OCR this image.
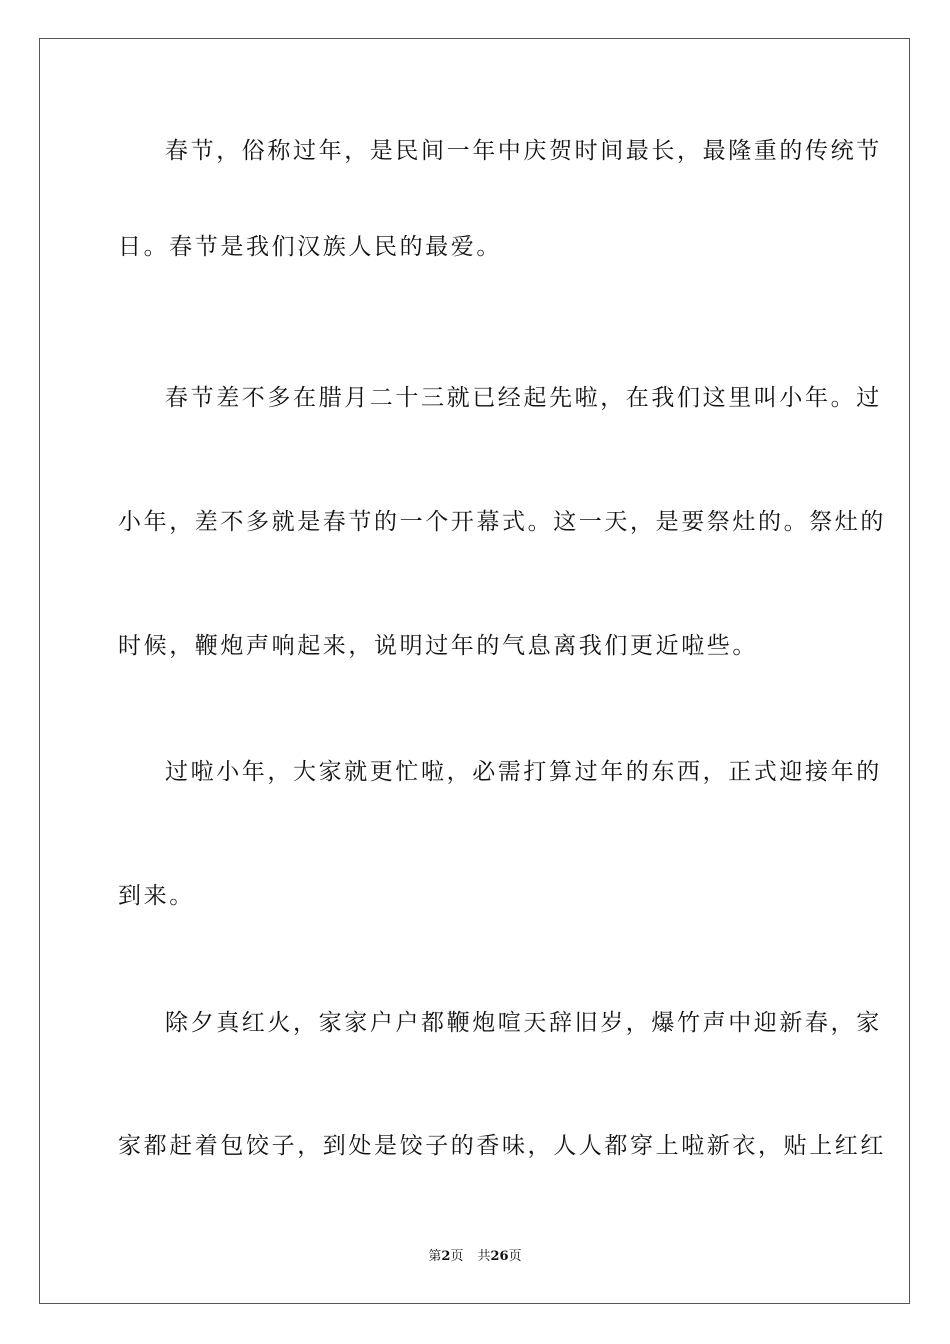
春节，俗称过年，是民间一年中庆贺时间最长，最隆重的传统节
日。春节是我们汉族人民的最爱。
春节差不多在腊月二十三就已经起先啦，在我们这里叫小年。过
小年，差不多就是春节的一个开幕式。这一天，是要祭灶的。祭灶的
时候，鞭炮声响起来，说明过年的气息离我们更近啦些。
过啦小年，大家就更忙啦，必需打算过年的东西，正式迎接年的
到来。
除夕真红火，家家户户都鞭炮喧天辞旧岁，爆竹声中迎新春，家
家都赶着包饺子，到处是饺子的香味，人人都穿上啦新衣，贴上红红
第2页 共26页
